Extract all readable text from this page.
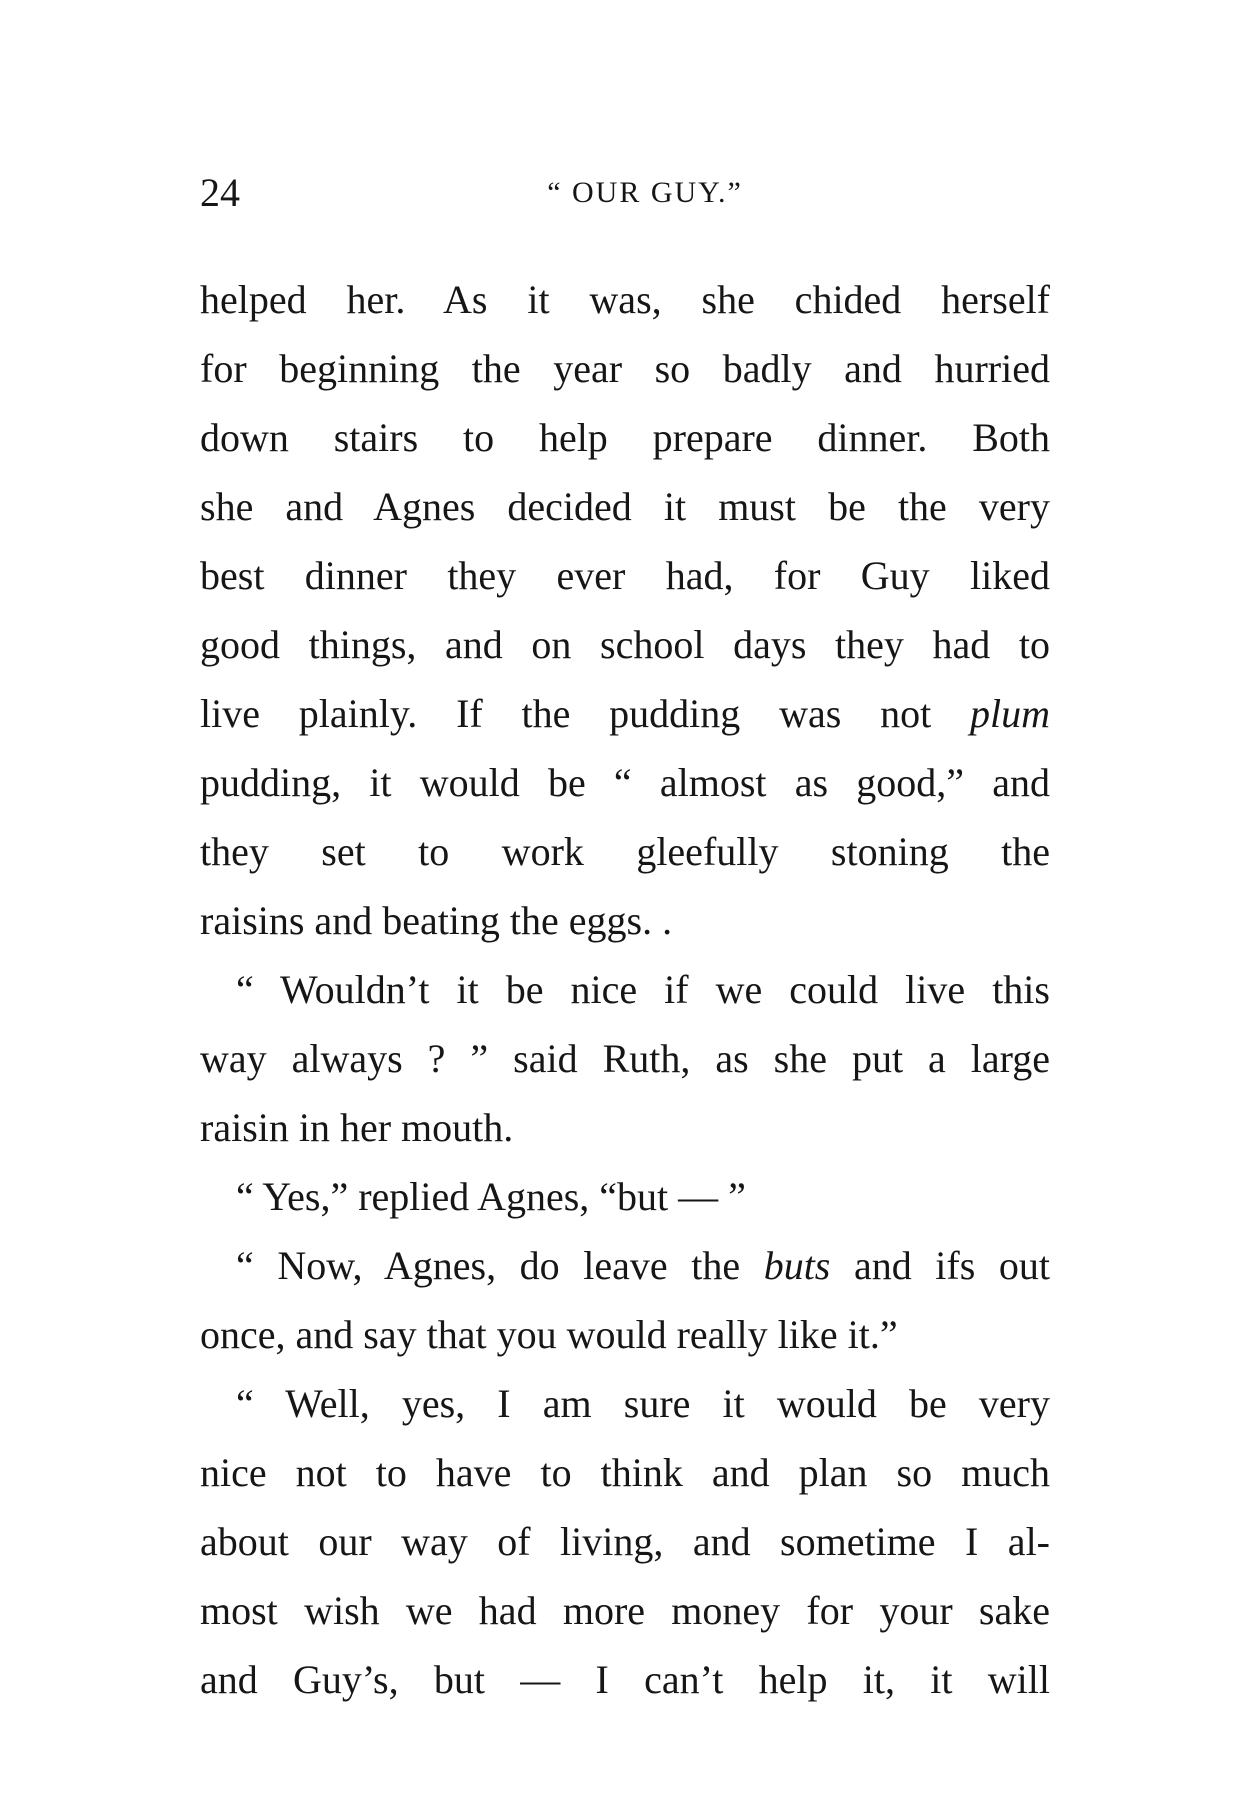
24	“ OUR GUY.”
helped her. As it was, she chided herself
for beginning the year so badly and hurried
down stairs to help prepare dinner. Both
she and Agnes decided it must be the very
best dinner they ever had, for Guy liked
good things, and on school days they had to
live plainly. If the pudding was not plum
pudding, it would be “ almost as good,” and
they set to work gleefully stoning the
raisins and beating the eggs. .
“ Wouldn’t it be nice if we could live this
way always ? ” said Ruth, as she put a large
raisin in her mouth.
“ Yes,” replied Agnes, “but — ”
“ Now, Agnes, do leave the buts and ifs out
once, and say that you would really like it.”
“ Well, yes, I am sure it would be very
nice not to have to think and plan so much
about our way of living, and sometime I al-
most wish we had more money for your sake
and Guy’s, but — I can’t help it, it will
